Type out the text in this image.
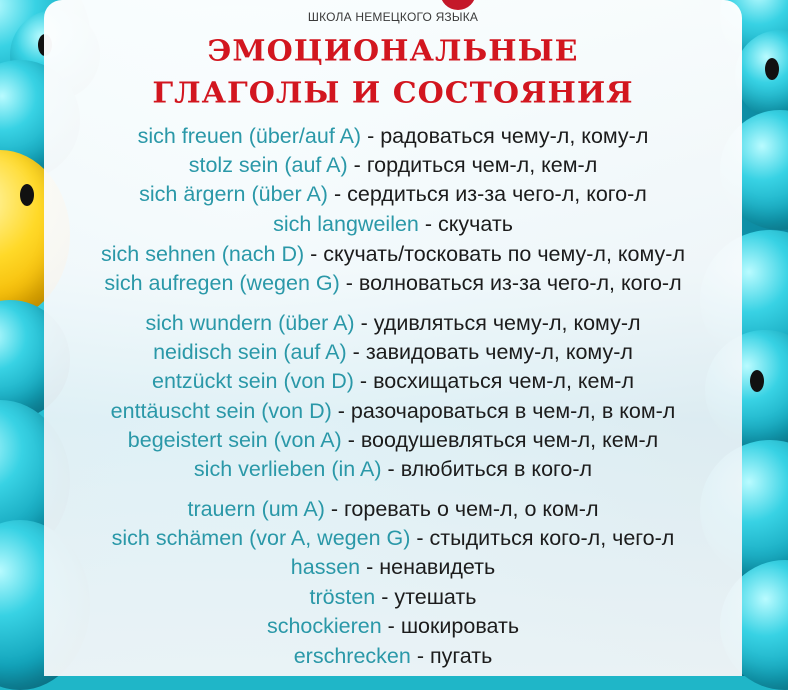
ШКОЛА НЕМЕЦКОГО ЯЗЫКА
ЭМОЦИОНАЛЬНЫЕ
ГЛАГОЛЫ И СОСТОЯНИЯ
sich freuen (über/auf A) - радоваться чему-л, кому-л
stolz sein (auf A) - гордиться чем-л, кем-л
sich ärgern (über A) - сердиться из-за чего-л, кого-л
sich langweilen - скучать
sich sehnen (nach D) - скучать/тосковать по чему-л, кому-л
sich aufregen (wegen G) - волноваться из-за чего-л, кого-л
sich wundern (über A) - удивляться чему-л, кому-л
neidisch sein (auf A) - завидовать чему-л, кому-л
entzückt sein (von D) - восхищаться чем-л, кем-л
enttäuscht sein (von D) - разочароваться в чем-л, в ком-л
begeistert sein (von A) - воодушевляться чем-л, кем-л
sich verlieben (in A) - влюбиться в кого-л
trauern (um A) - горевать о чем-л, о ком-л
sich schämen (vor A, wegen G) - стыдиться кого-л, чего-л
hassen - ненавидеть
trösten - утешать
schockieren - шокировать
erschrecken - пугать
